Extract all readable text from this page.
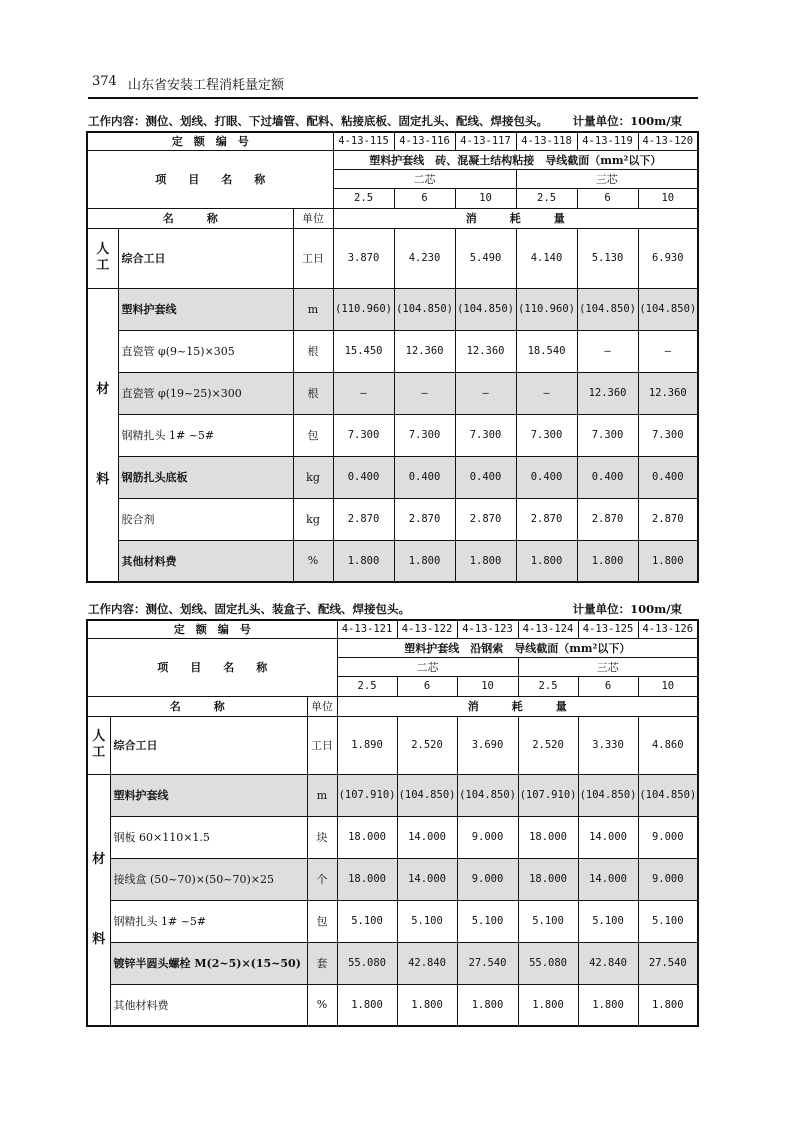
374 山东省安装工程消耗量定额
工作内容：测位、划线、打眼、下过墙管、配料、粘接底板、固定扎头、配线、焊接包头。 计量单位：100m/束
定　额　编　号			4-13-115	4-13-116	4-13-117	4-13-118	4-13-119	4-13-120
项　　目　　名　　称			塑料护套线　砖、混凝土结构粘接　导线截面（mm²以下）					
			二芯			三芯		
			2.5	6	10	2.5	6	10
名　　　称		单位	消　　　耗　　　量					
人工	综合工日	工日	3.870	4.230	5.490	4.140	5.130	6.930
材料	塑料护套线	m	(110.960)	(104.850)	(104.850)	(110.960)	(104.850)	(104.850)
	直瓷管 φ(9~15)×305	根	15.450	12.360	12.360	18.540	—	—
	直瓷管 φ(19~25)×300	根	—	—	—	—	12.360	12.360
	钢精扎头 1# ~5#	包	7.300	7.300	7.300	7.300	7.300	7.300
	钢筋扎头底板	kg	0.400	0.400	0.400	0.400	0.400	0.400
	胶合剂	kg	2.870	2.870	2.870	2.870	2.870	2.870
	其他材料费	%	1.800	1.800	1.800	1.800	1.800	1.800
工作内容：测位、划线、固定扎头、装盒子、配线、焊接包头。	计量单位：100m/束
定　额　编　号			4-13-121	4-13-122	4-13-123	4-13-124	4-13-125	4-13-126
项　　目　　名　　称			塑料护套线　沿钢索　导线截面（mm²以下）					
			二芯			三芯		
			2.5	6	10	2.5	6	10
名　　　称		单位	消　　　耗　　　量					
人工	综合工日	工日	1.890	2.520	3.690	2.520	3.330	4.860
材料	塑料护套线	m	(107.910)	(104.850)	(104.850)	(107.910)	(104.850)	(104.850)
	钢板 60×110×1.5	块	18.000	14.000	9.000	18.000	14.000	9.000
	接线盒 (50~70)×(50~70)×25	个	18.000	14.000	9.000	18.000	14.000	9.000
	钢精扎头 1# ~5#	包	5.100	5.100	5.100	5.100	5.100	5.100
	镀锌半圆头螺栓 M(2~5)×(15~50)	套	55.080	42.840	27.540	55.080	42.840	27.540
	其他材料费	%	1.800	1.800	1.800	1.800	1.800	1.800
